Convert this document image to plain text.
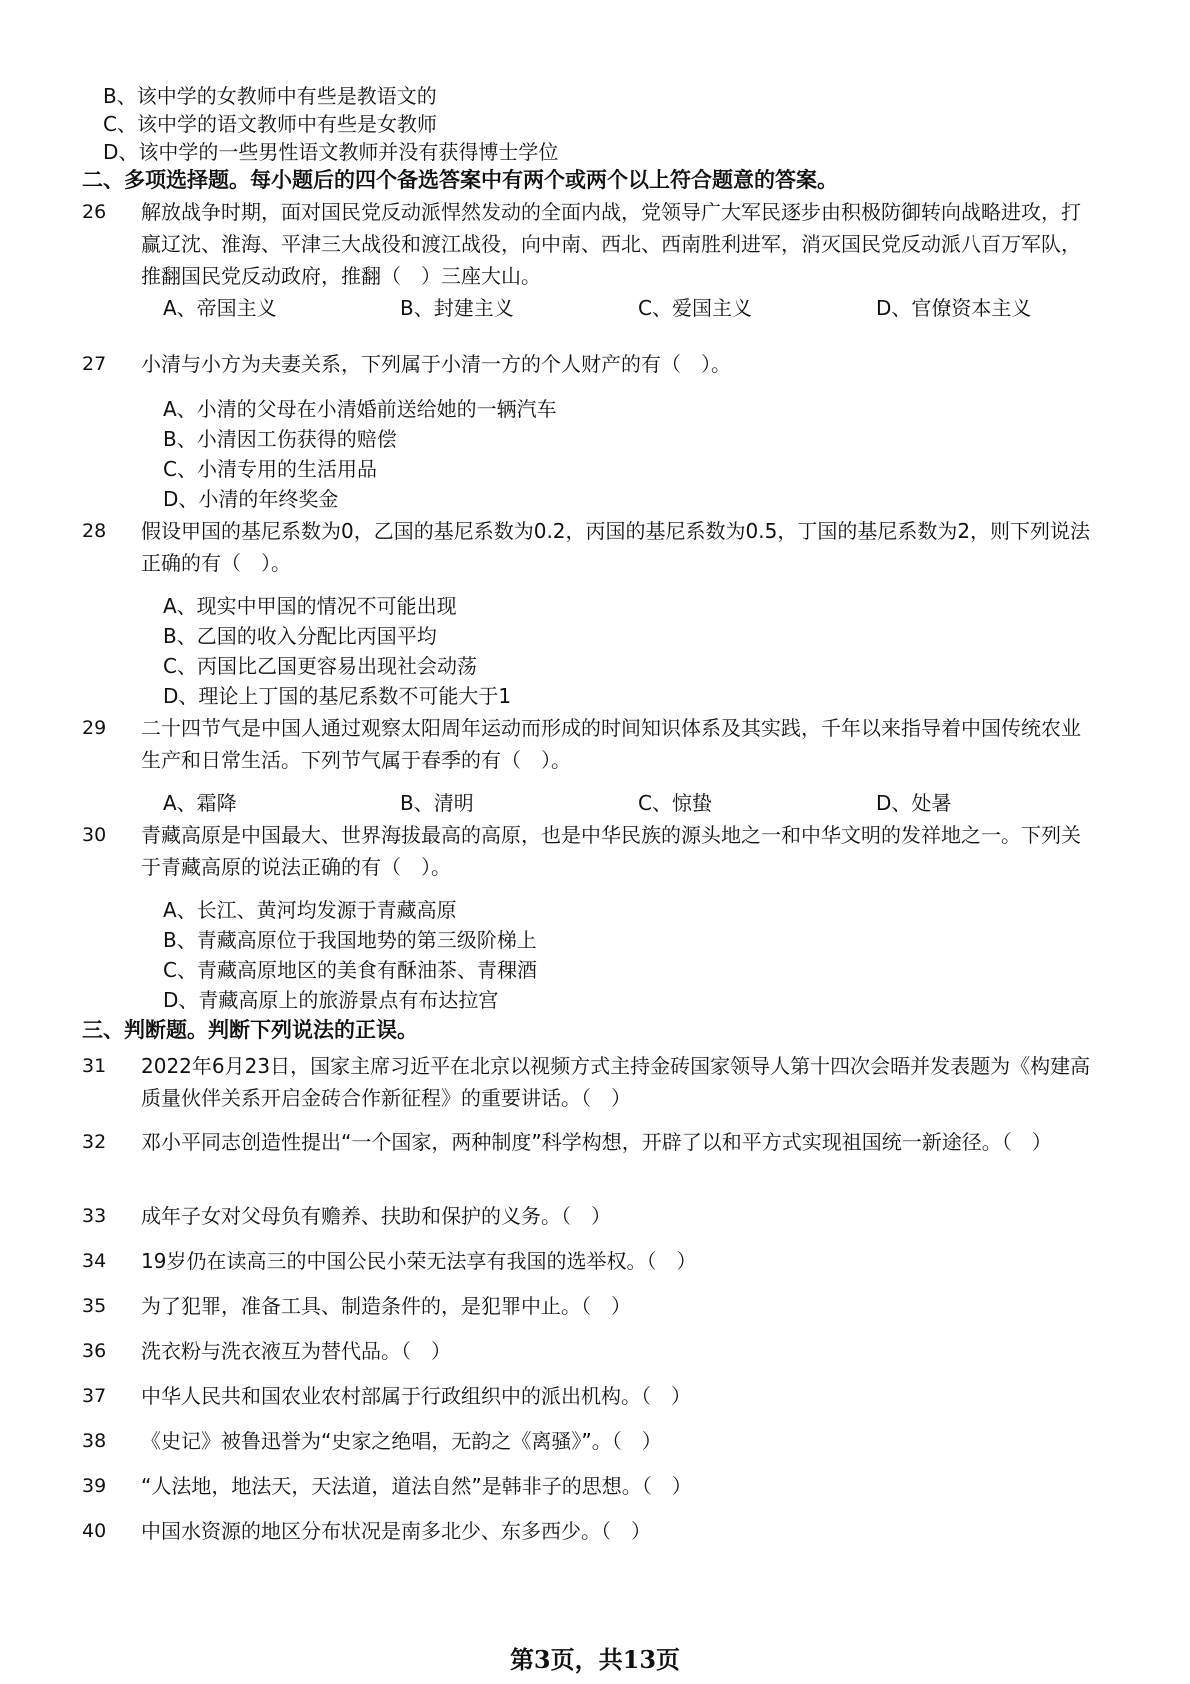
B、该中学的女教师中有些是教语文的
C、该中学的语文教师中有些是女教师
D、该中学的一些男性语文教师并没有获得博士学位
二、多项选择题。每小题后的四个备选答案中有两个或两个以上符合题意的答案。
26 解放战争时期，面对国民党反动派悍然发动的全面内战，党领导广大军民逐步由积极防御转向战略进攻，打赢辽沈、淮海、平津三大战役和渡江战役，向中南、西北、西南胜利进军，消灭国民党反动派八百万军队，推翻国民党反动政府，推翻（　）三座大山。
A、帝国主义	B、封建主义	C、爱国主义	D、官僚资本主义
27 小清与小方为夫妻关系，下列属于小清一方的个人财产的有（　）。
A、小清的父母在小清婚前送给她的一辆汽车
B、小清因工伤获得的赔偿
C、小清专用的生活用品
D、小清的年终奖金
28 假设甲国的基尼系数为0，乙国的基尼系数为0.2，丙国的基尼系数为0.5，丁国的基尼系数为2，则下列说法正确的有（　）。
A、现实中甲国的情况不可能出现
B、乙国的收入分配比丙国平均
C、丙国比乙国更容易出现社会动荡
D、理论上丁国的基尼系数不可能大于1
29 二十四节气是中国人通过观察太阳周年运动而形成的时间知识体系及其实践，千年以来指导着中国传统农业生产和日常生活。下列节气属于春季的有（　）。
A、霜降	B、清明	C、惊蛰	D、处暑
30 青藏高原是中国最大、世界海拔最高的高原，也是中华民族的源头地之一和中华文明的发祥地之一。下列关于青藏高原的说法正确的有（　）。
A、长江、黄河均发源于青藏高原
B、青藏高原位于我国地势的第三级阶梯上
C、青藏高原地区的美食有酥油茶、青稞酒
D、青藏高原上的旅游景点有布达拉宫
三、判断题。判断下列说法的正误。
31 2022年6月23日，国家主席习近平在北京以视频方式主持金砖国家领导人第十四次会晤并发表题为《构建高质量伙伴关系开启金砖合作新征程》的重要讲话。（　）
32 邓小平同志创造性提出“一个国家，两种制度”科学构想，开辟了以和平方式实现祖国统一新途径。（　）
33 成年子女对父母负有赡养、扶助和保护的义务。（　）
34 19岁仍在读高三的中国公民小荣无法享有我国的选举权。（　）
35 为了犯罪，准备工具、制造条件的，是犯罪中止。（　）
36 洗衣粉与洗衣液互为替代品。（　）
37 中华人民共和国农业农村部属于行政组织中的派出机构。（　）
38 《史记》被鲁迅誉为“史家之绝唱，无韵之《离骚》”。（　）
39 “人法地，地法天，天法道，道法自然”是韩非子的思想。（　）
40 中国水资源的地区分布状况是南多北少、东多西少。（　）
第3页，共13页
